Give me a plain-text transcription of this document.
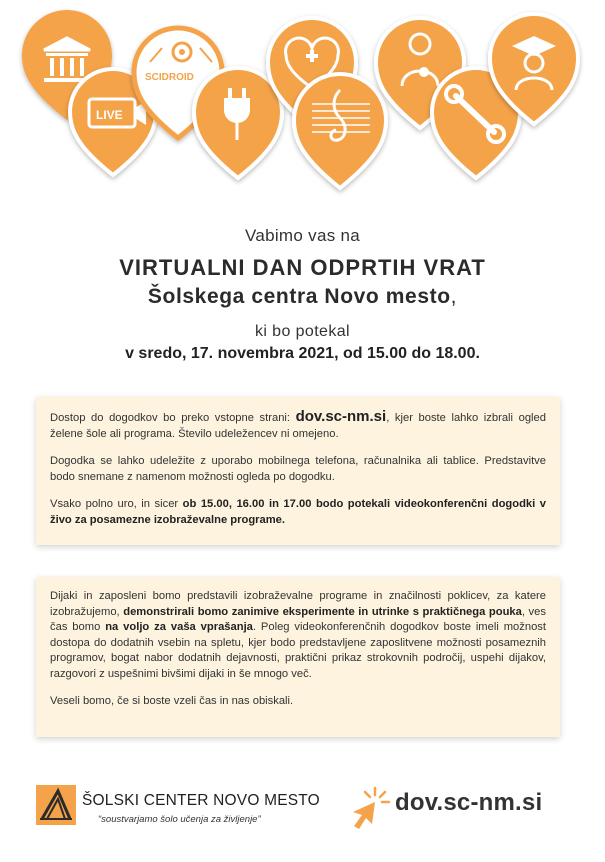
LIVE
SCIDROID
Vabimo vas na
VIRTUALNI DAN ODPRTIH VRAT
Šolskega centra Novo mesto,
ki bo potekal
v sredo, 17. novembra 2021, od 15.00 do 18.00.

Dostop do dogodkov bo preko vstopne strani: dov.sc-nm.si, kjer boste lahko izbrali ogled želene šole ali programa. Število udeležencev ni omejeno.

Dogodka se lahko udeležite z uporabo mobilnega telefona, računalnika ali tablice. Predstavitve bodo snemane z namenom možnosti ogleda po dogodku.

Vsako polno uro, in sicer ob 15.00, 16.00 in 17.00 bodo potekali videokonferenčni dogodki v živo za posamezne izobraževalne programe.

Dijaki in zaposleni bomo predstavili izobraževalne programe in značilnosti poklicev, za katere izobražujemo, demonstrirali bomo zanimive eksperimente in utrinke s praktičnega pouka, ves čas bomo na voljo za vaša vprašanja. Poleg videokonferenčnih dogodkov boste imeli možnost dostopa do dodatnih vsebin na spletu, kjer bodo predstavljene zaposlitvene možnosti posameznih programov, bogat nabor dodatnih dejavnosti, praktični prikaz strokovnih področij, uspehi dijakov, razgovori z uspešnimi bivšimi dijaki in še mnogo več.

Veseli bomo, če si boste vzeli čas in nas obiskali.

ŠOLSKI CENTER NOVO MESTO
“soustvarjamo šolo učenja za življenje”
dov.sc-nm.si
